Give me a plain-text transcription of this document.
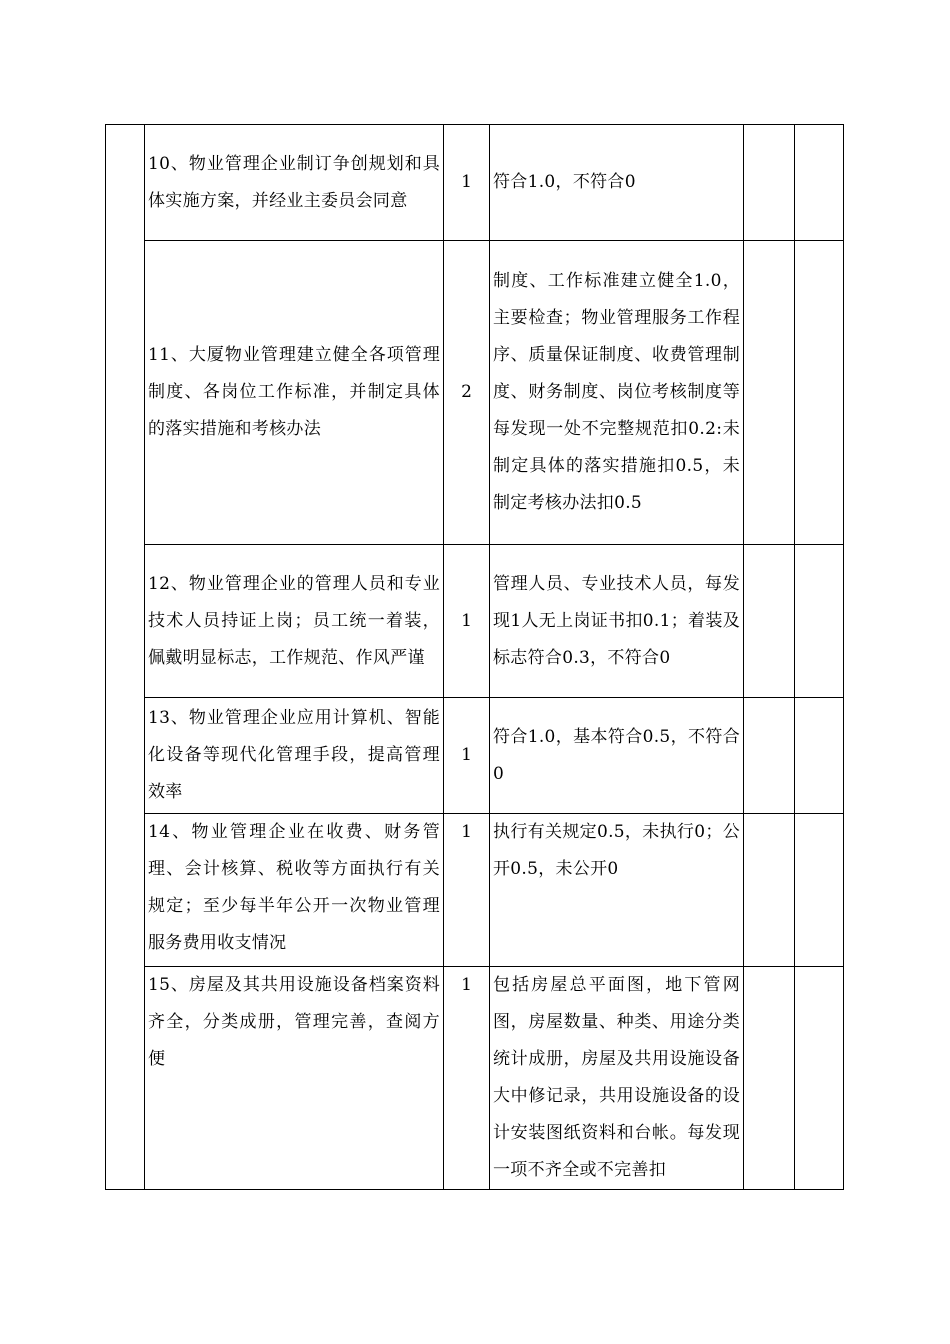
	10、物业管理企业制订争创规划和具体实施方案，并经业主委员会同意	1	符合1.0，不符合0		

	11、大厦物业管理建立健全各项管理制度、各岗位工作标准，并制定具体的落实措施和考核办法	2	制度、工作标准建立健全1.0，主要检查；物业管理服务工作程序、质量保证制度、收费管理制度、财务制度、岗位考核制度等每发现一处不完整规范扣0.2:未制定具体的落实措施扣0.5，未制定考核办法扣0.5		

	12、物业管理企业的管理人员和专业技术人员持证上岗；员工统一着装，佩戴明显标志，工作规范、作风严谨	1	管理人员、专业技术人员，每发现1人无上岗证书扣0.1；着装及标志符合0.3，不符合0		

	13、物业管理企业应用计算机、智能化设备等现代化管理手段，提高管理效率	1	符合1.0，基本符合0.5，不符合0		

	14、物业管理企业在收费、财务管理、会计核算、税收等方面执行有关规定；至少每半年公开一次物业管理服务费用收支情况	1	执行有关规定0.5，未执行0；公开0.5，未公开0		

	15、房屋及其共用设施设备档案资料齐全，分类成册，管理完善，查阅方便	1	包括房屋总平面图，地下管网图，房屋数量、种类、用途分类统计成册，房屋及共用设施设备大中修记录，共用设施设备的设计安装图纸资料和台帐。每发现一项不齐全或不完善扣		
